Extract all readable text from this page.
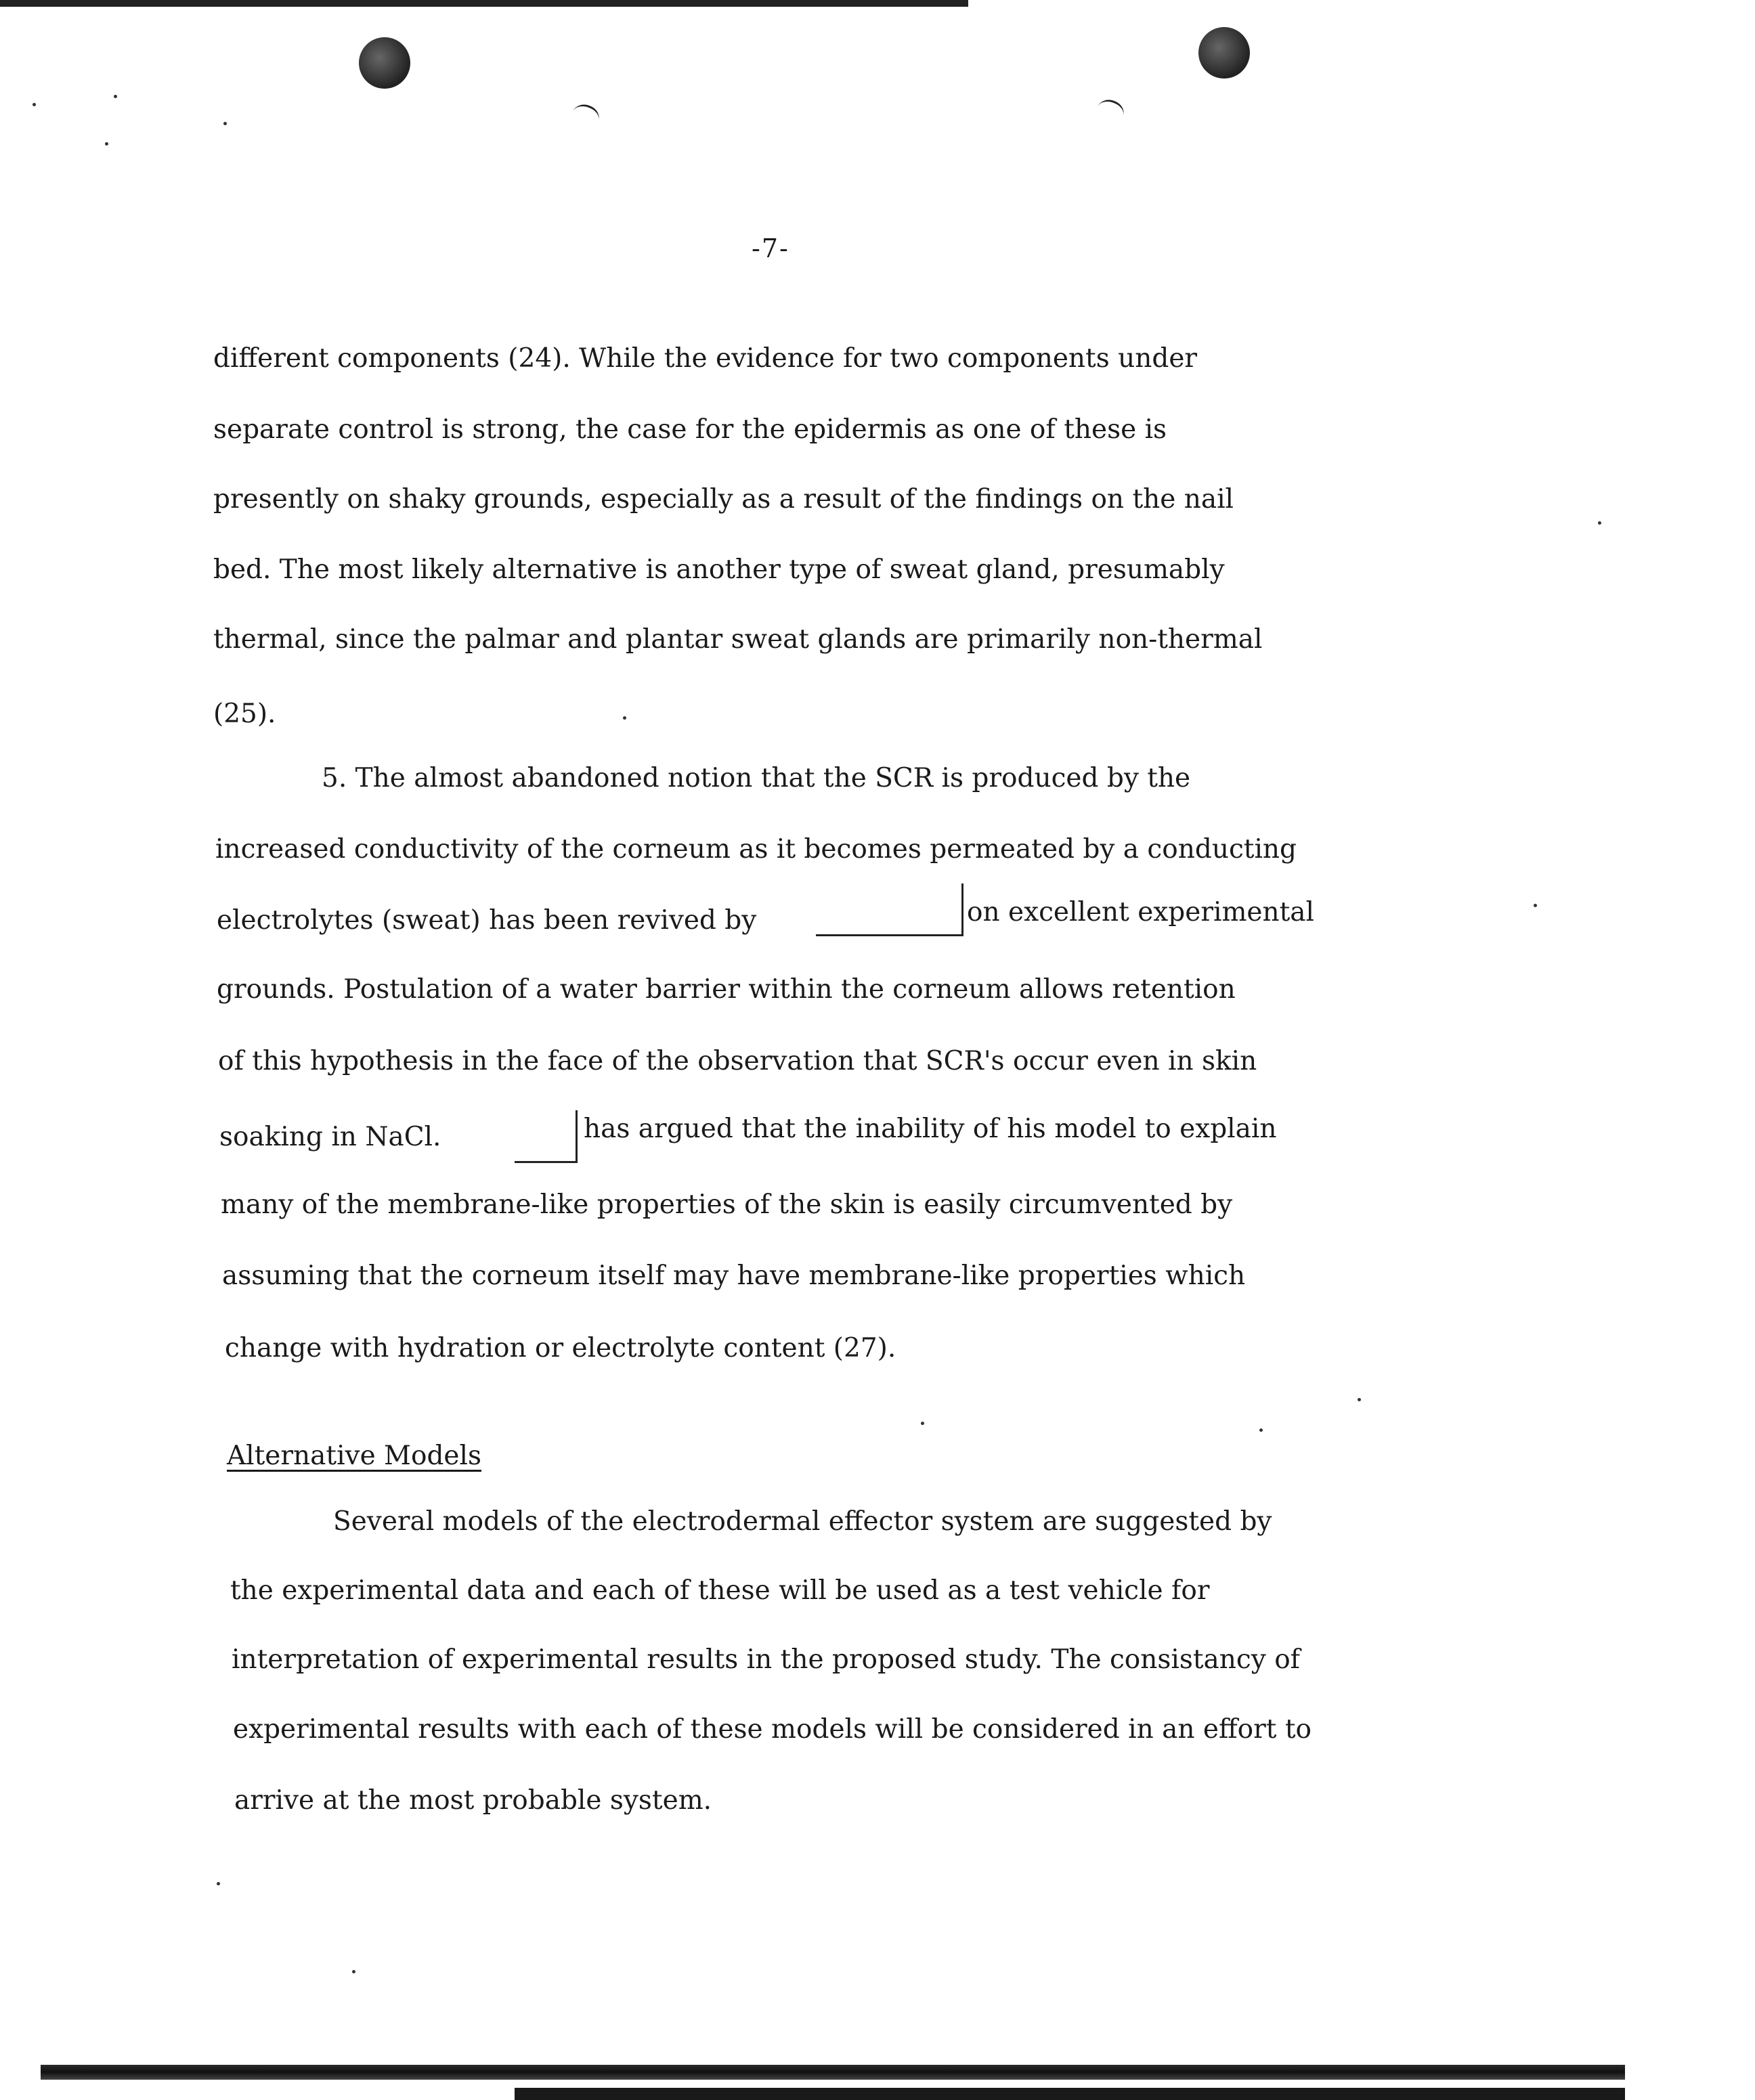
-7-
different components (24). While the evidence for two components under
separate control is strong, the case for the epidermis as one of these is
presently on shaky grounds, especially as a result of the findings on the nail
bed. The most likely alternative is another type of sweat gland, presumably
thermal, since the palmar and plantar sweat glands are primarily non-thermal
(25).
5. The almost abandoned notion that the SCR is produced by the
increased conductivity of the corneum as it becomes permeated by a conducting
electrolytes (sweat) has been revived by	on excellent experimental
grounds. Postulation of a water barrier within the corneum allows retention
of this hypothesis in the face of the observation that SCR's occur even in skin
soaking in NaCl.	has argued that the inability of his model to explain
many of the membrane-like properties of the skin is easily circumvented by
assuming that the corneum itself may have membrane-like properties which
change with hydration or electrolyte content (27).
Alternative Models
Several models of the electrodermal effector system are suggested by
the experimental data and each of these will be used as a test vehicle for
interpretation of experimental results in the proposed study. The consistancy of
experimental results with each of these models will be considered in an effort to
arrive at the most probable system.
